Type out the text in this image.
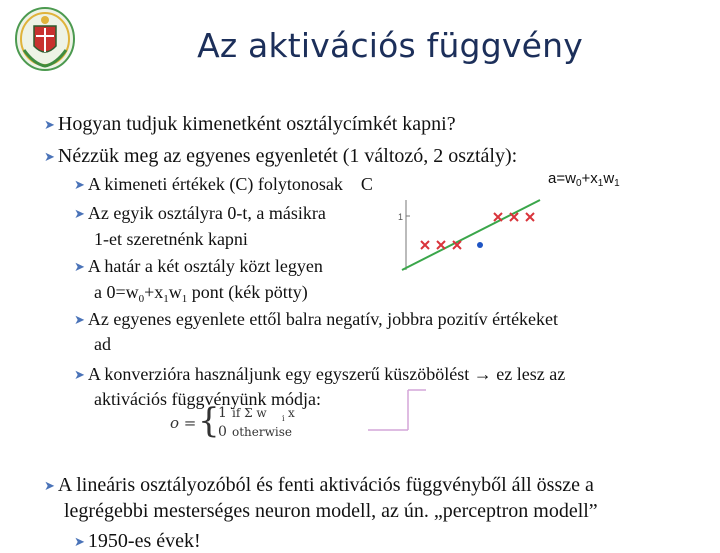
Az aktivációs függvény
➤ Hogyan tudjuk kimenetként osztálycímkét kapni?
➤ Nézzük meg az egyenes egyenletét (1 változó, 2 osztály):
➤ A kimeneti értékek (C) folytonosak C
➤ Az egyik osztályra 0-t, a másikra
1-et szeretnénk kapni
➤ A határ a két osztály közt legyen
a $0=w_0+x_1w_1$ pont (kék pötty)
➤ Az egyenes egyenlete ettől balra negatív, jobbra pozitív értékeket
ad
➤ A konverzióra használjunk egy egyszerű küszöbölést → ez lesz az
aktivációs függvényünk módja:
$a=w_0+x_1w_1$
1
o = {
1 if Σ w i x
0 otherwise
➤ A lineáris osztályozóból és fenti aktivációs függvényből áll össze a
legrégebbi mesterséges neuron modell, az ún. „perceptron modell”
➤ 1950-es évek!
